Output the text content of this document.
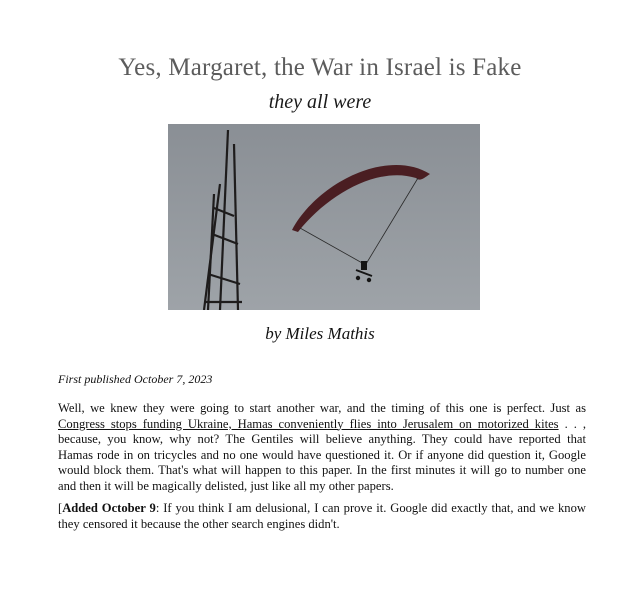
Yes, Margaret, the War in Israel is Fake
they all were
by Miles Mathis
First published October 7, 2023
Well, we knew they were going to start another war, and the timing of this one is perfect. Just as
Congress stops funding Ukraine, Hamas conveniently flies into Jerusalem on motorized kites . . ,
because, you know, why not? The Gentiles will believe anything. They could have reported that
Hamas rode in on tricycles and no one would have questioned it. Or if anyone did question it, Google
would block them. That's what will happen to this paper. In the first minutes it will go to number one
and then it will be magically delisted, just like all my other papers.
[Added October 9: If you think I am delusional, I can prove it. Google did exactly that, and we know
they censored it because the other search engines didn't.
